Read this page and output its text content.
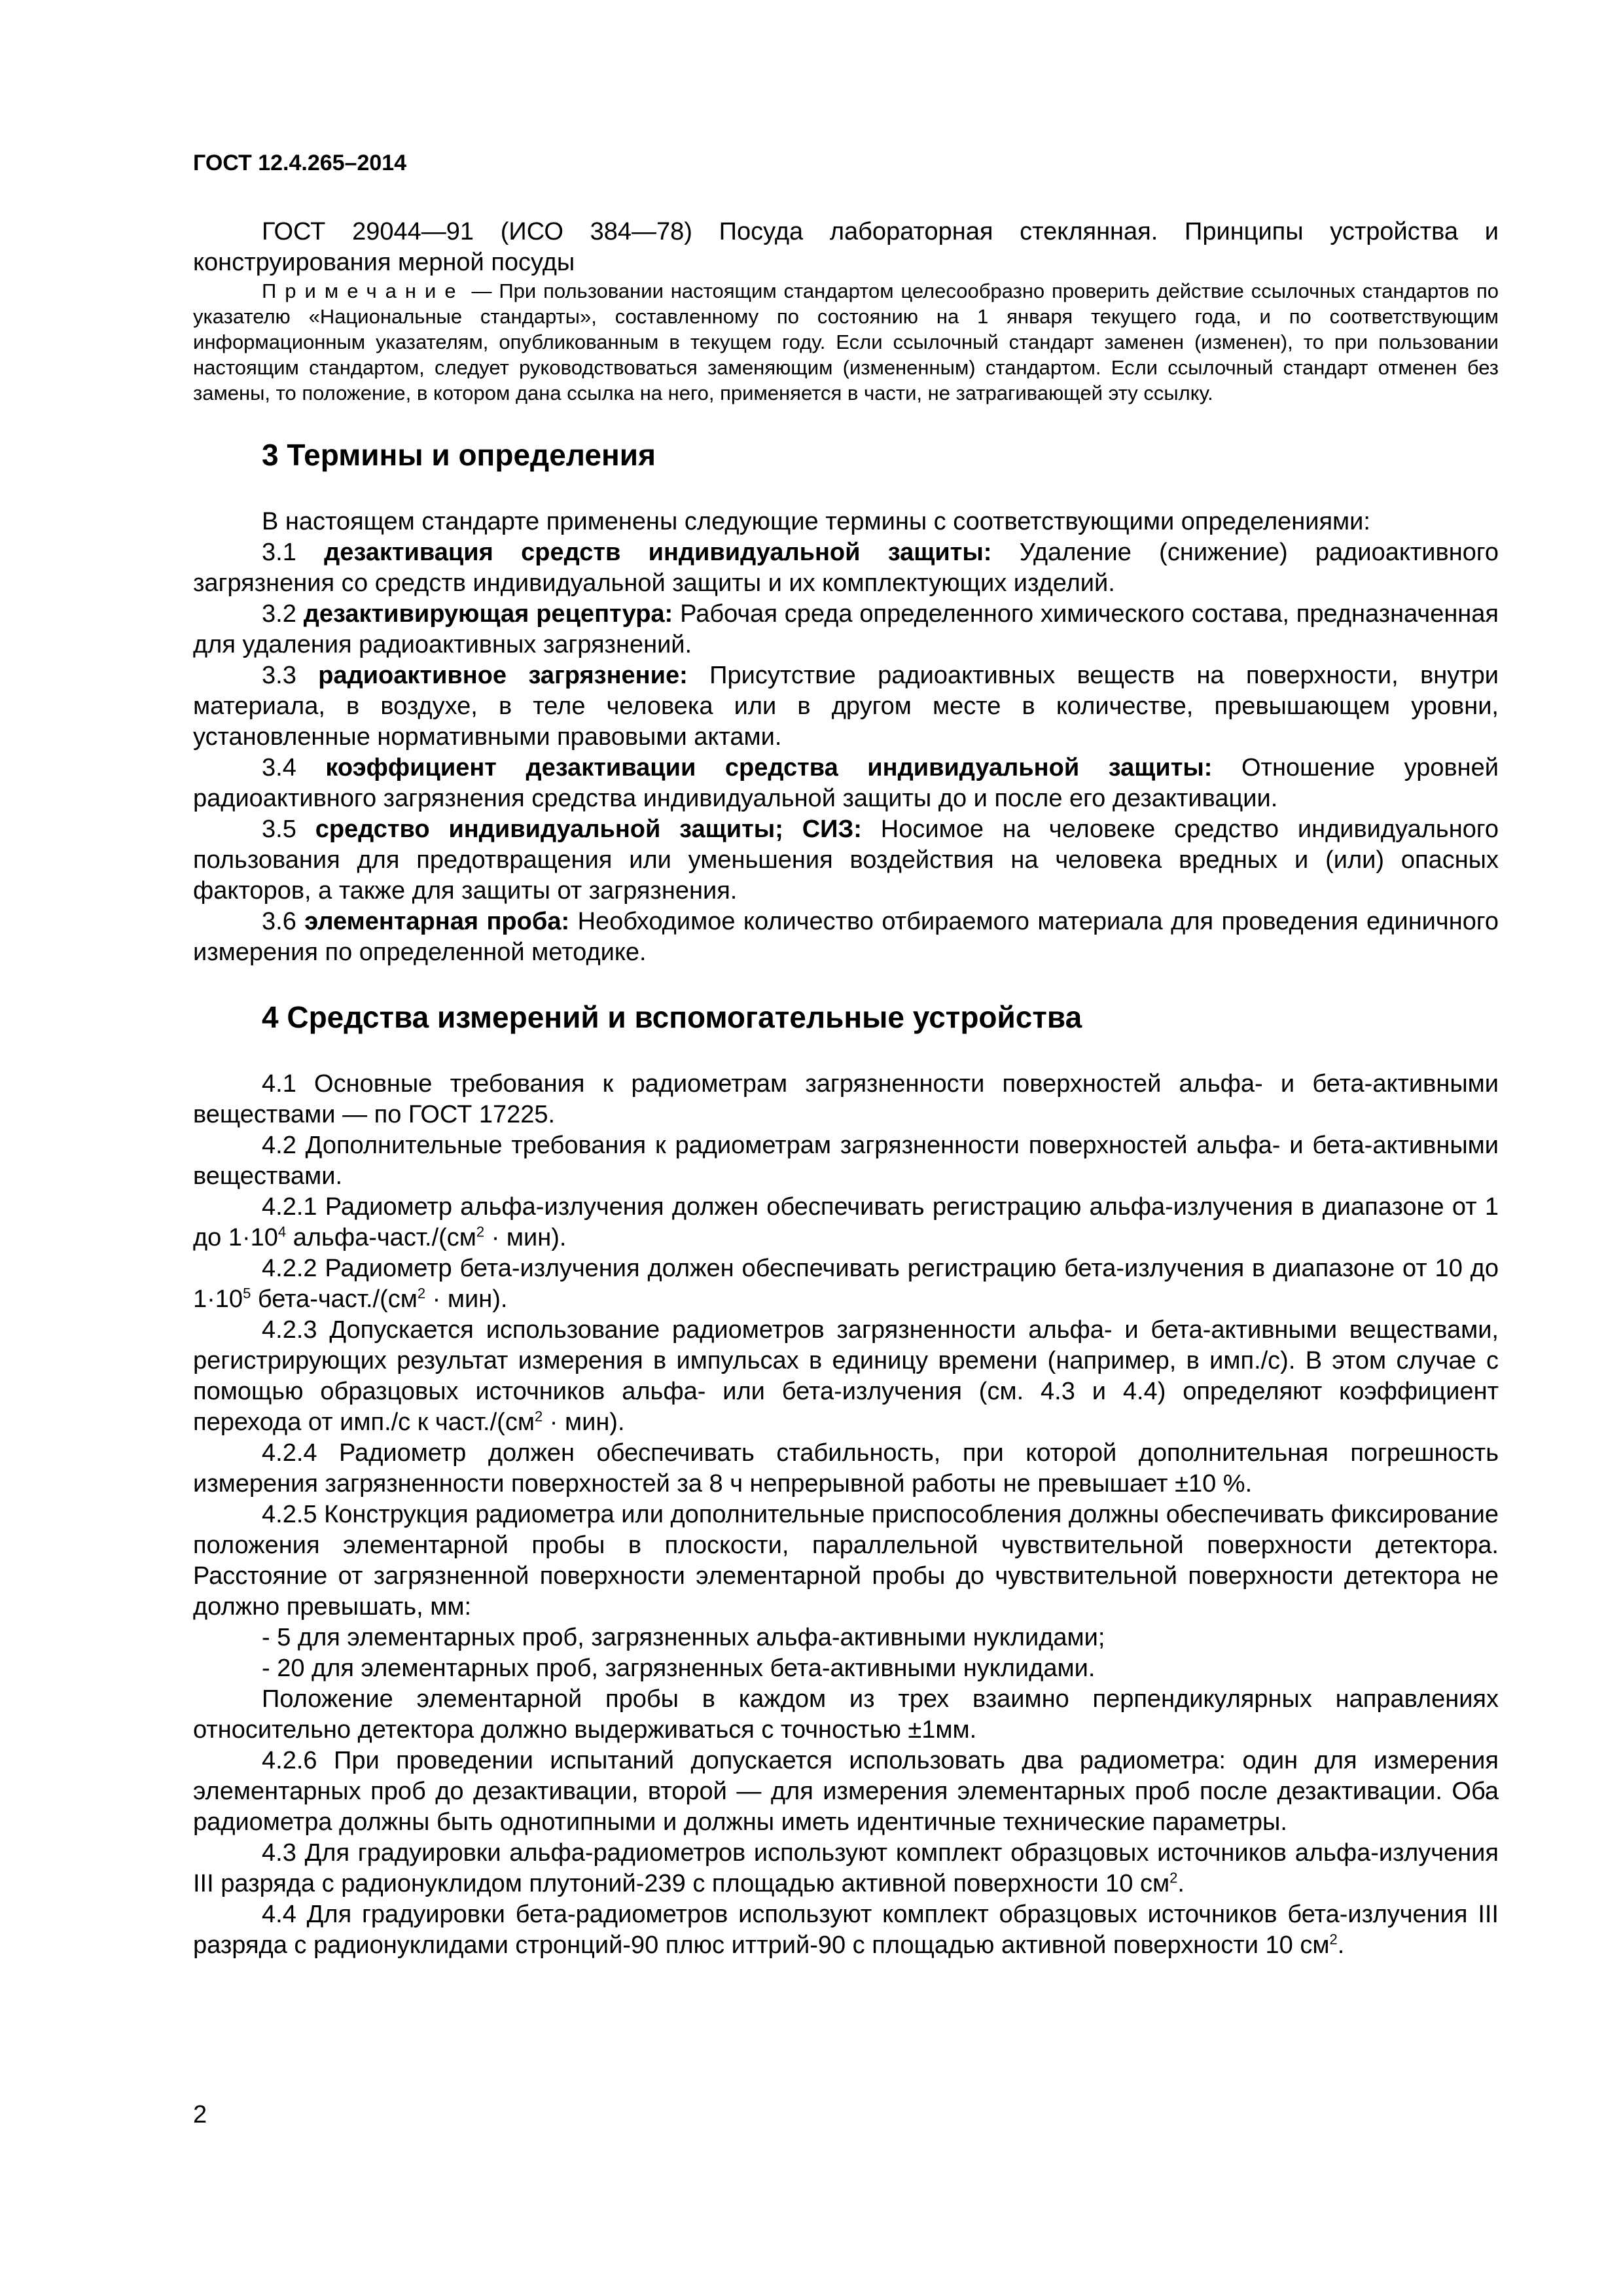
ГОСТ 12.4.265–2014

ГОСТ 29044—91 (ИСО 384—78) Посуда лабораторная стеклянная. Принципы устройства и конструирования мерной посуды

Примечание — При пользовании настоящим стандартом целесообразно проверить действие ссылочных стандартов по указателю «Национальные стандарты», составленному по состоянию на 1 января текущего года, и по соответствующим информационным указателям, опубликованным в текущем году. Если ссылочный стандарт заменен (изменен), то при пользовании настоящим стандартом, следует руководствоваться заменяющим (измененным) стандартом. Если ссылочный стандарт отменен без замены, то положение, в котором дана ссылка на него, применяется в части, не затрагивающей эту ссылку.

3 Термины и определения

В настоящем стандарте применены следующие термины с соответствующими определениями:

3.1 дезактивация средств индивидуальной защиты: Удаление (снижение) радиоактивного загрязнения со средств индивидуальной защиты и их комплектующих изделий.

3.2 дезактивирующая рецептура: Рабочая среда определенного химического состава, предназначенная для удаления радиоактивных загрязнений.

3.3 радиоактивное загрязнение: Присутствие радиоактивных веществ на поверхности, внутри материала, в воздухе, в теле человека или в другом месте в количестве, превышающем уровни, установленные нормативными правовыми актами.

3.4 коэффициент дезактивации средства индивидуальной защиты: Отношение уровней радиоактивного загрязнения средства индивидуальной защиты до и после его дезактивации.

3.5 средство индивидуальной защиты; СИЗ: Носимое на человеке средство индивидуального пользования для предотвращения или уменьшения воздействия на человека вредных и (или) опасных факторов, а также для защиты от загрязнения.

3.6 элементарная проба: Необходимое количество отбираемого материала для проведения единичного измерения по определенной методике.

4 Средства измерений и вспомогательные устройства

4.1 Основные требования к радиометрам загрязненности поверхностей альфа- и бета-активными веществами — по ГОСТ 17225.

4.2 Дополнительные требования к радиометрам загрязненности поверхностей альфа- и бета-активными веществами.

4.2.1 Радиометр альфа-излучения должен обеспечивать регистрацию альфа-излучения в диапазоне от 1 до $1\cdot 10^4$ альфа-$част./(см^2 \cdot мин)$.

4.2.2 Радиометр бета-излучения должен обеспечивать регистрацию бета-излучения в диапазоне от 10 до $1\cdot 10^5$ бета-$част./(см^2 \cdot мин)$.

4.2.3 Допускается использование радиометров загрязненности альфа- и бета-активными веществами, регистрирующих результат измерения в импульсах в единицу времени (например, в имп./с). В этом случае с помощью образцовых источников альфа- или бета-излучения (см. 4.3 и 4.4) определяют коэффициент перехода от имп./с к $част./(см^2 \cdot мин)$.

4.2.4 Радиометр должен обеспечивать стабильность, при которой дополнительная погрешность измерения загрязненности поверхностей за 8 ч непрерывной работы не превышает ±10 %.

4.2.5 Конструкция радиометра или дополнительные приспособления должны обеспечивать фиксирование положения элементарной пробы в плоскости, параллельной чувствительной поверхности детектора. Расстояние от загрязненной поверхности элементарной пробы до чувствительной поверхности детектора не должно превышать, мм:

- 5 для элементарных проб, загрязненных альфа-активными нуклидами;
- 20 для элементарных проб, загрязненных бета-активными нуклидами.

Положение элементарной пробы в каждом из трех взаимно перпендикулярных направлениях относительно детектора должно выдерживаться с точностью ±1мм.

4.2.6 При проведении испытаний допускается использовать два радиометра: один для измерения элементарных проб до дезактивации, второй — для измерения элементарных проб после дезактивации. Оба радиометра должны быть однотипными и должны иметь идентичные технические параметры.

4.3 Для градуировки альфа-радиометров используют комплект образцовых источников альфа-излучения III разряда с радионуклидом плутоний-239 с площадью активной поверхности 10 $см^2$.

4.4 Для градуировки бета-радиометров используют комплект образцовых источников бета-излучения III разряда с радионуклидами стронций-90 плюс иттрий-90 с площадью активной поверхности 10 $см^2$.

2
